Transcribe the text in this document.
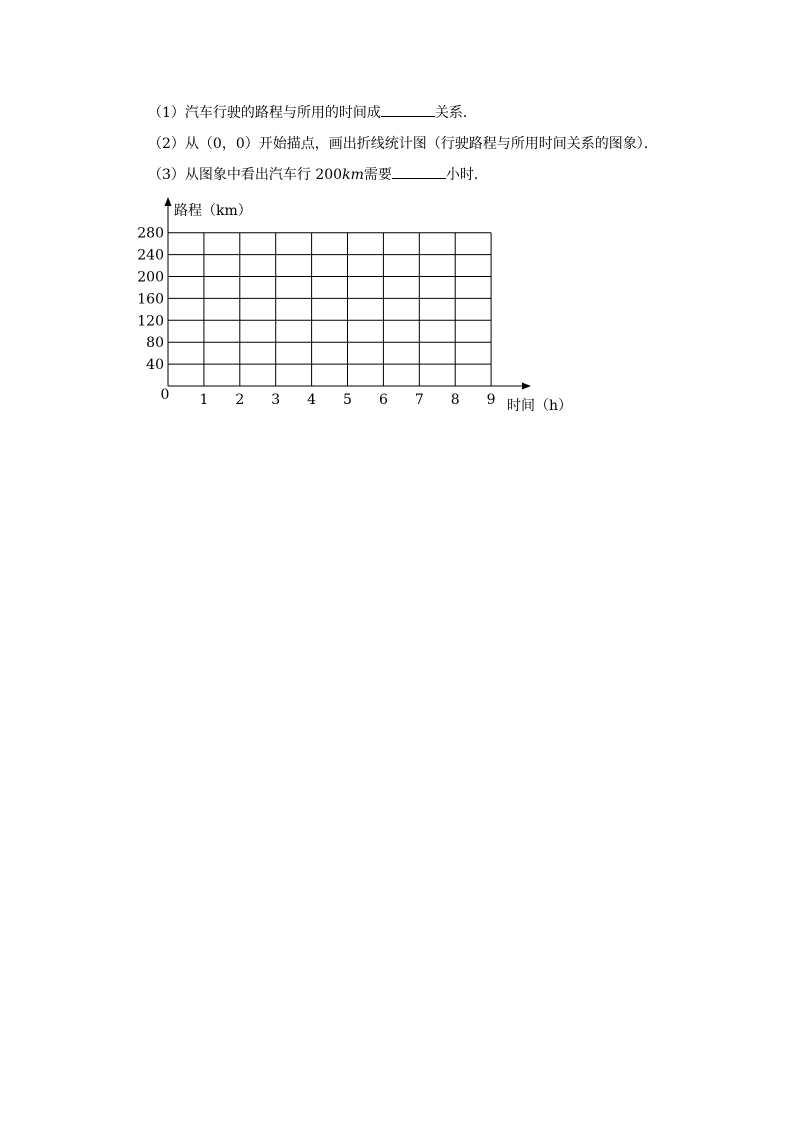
（1）汽车行驶的路程与所用的时间成	关系．
（2）从（0，0）开始描点，画出折线统计图（行驶路程与所用时间关系的图象）．
（3）从图象中看出汽车行 200km需要	小时．
0 1 2 3 4 5 6 7 8 9
40
80
120
160
200
240
280
路程（km）
时间（h）
